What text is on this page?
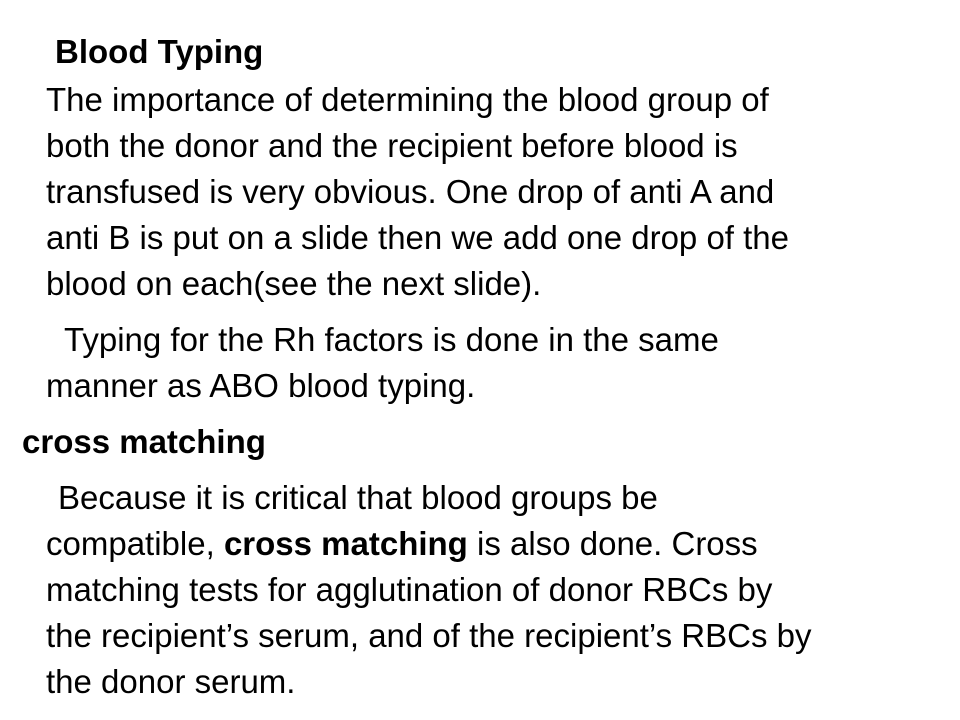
Blood Typing
The importance of determining the blood group of
both the donor and the recipient before blood is
transfused is very obvious. One drop of anti A and
anti B is put on a slide then we add one drop of the
blood on each(see the next slide).
Typing for the Rh factors is done in the same
manner as ABO blood typing.
cross matching
Because it is critical that blood groups be
compatible, cross matching is also done. Cross
matching tests for agglutination of donor RBCs by
the recipient’s serum, and of the recipient’s RBCs by
the donor serum.
